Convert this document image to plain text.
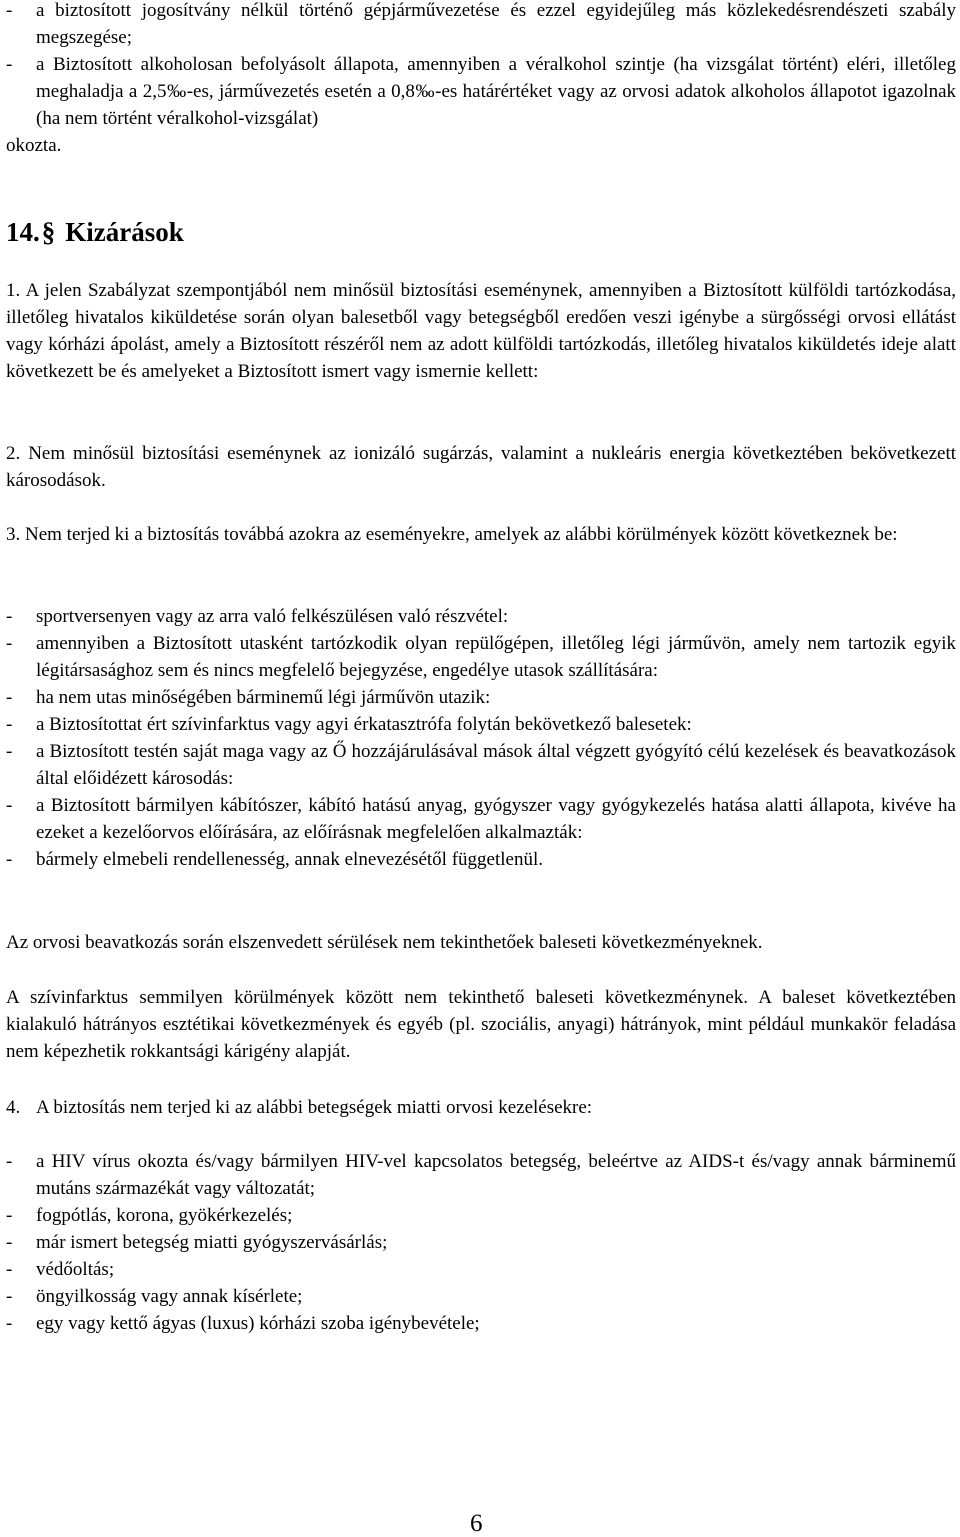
- a biztosított jogosítvány nélkül történő gépjárművezetése és ezzel egyidejűleg más közlekedésrendészeti szabály megszegése;

- a Biztosított alkoholosan befolyásolt állapota, amennyiben a véralkohol szintje (ha vizsgálat történt) eléri, illetőleg meghaladja a 2,5‰-es, járművezetés esetén a 0,8‰-es határértéket vagy az orvosi adatok alkoholos állapotot igazolnak (ha nem történt véralkohol-vizsgálat)

okozta.

14.§ Kizárások

1. A jelen Szabályzat szempontjából nem minősül biztosítási eseménynek, amennyiben a Biztosított külföldi tartózkodása, illetőleg hivatalos kiküldetése során olyan balesetből vagy betegségből eredően veszi igénybe a sürgősségi orvosi ellátást vagy kórházi ápolást, amely a Biztosított részéről nem az adott külföldi tartózkodás, illetőleg hivatalos kiküldetés ideje alatt következett be és amelyeket a Biztosított ismert vagy ismernie kellett:

2. Nem minősül biztosítási eseménynek az ionizáló sugárzás, valamint a nukleáris energia következtében bekövetkezett károsodások.

3. Nem terjed ki a biztosítás továbbá azokra az eseményekre, amelyek az alábbi körülmények között következnek be:

- sportversenyen vagy az arra való felkészülésen való részvétel:

- amennyiben a Biztosított utasként tartózkodik olyan repülőgépen, illetőleg légi járművön, amely nem tartozik egyik légitársasághoz sem és nincs megfelelő bejegyzése, engedélye utasok szállítására:

- ha nem utas minőségében bárminemű légi járművön utazik:

- a Biztosítottat ért szívinfarktus vagy agyi érkatasztrófa folytán bekövetkező balesetek:

- a Biztosított testén saját maga vagy az Ő hozzájárulásával mások által végzett gyógyító célú kezelések és beavatkozások által előidézett károsodás:

- a Biztosított bármilyen kábítószer, kábító hatású anyag, gyógyszer vagy gyógykezelés hatása alatti állapota, kivéve ha ezeket a kezelőorvos előírására, az előírásnak megfelelően alkalmazták:

- bármely elmebeli rendellenesség, annak elnevezésétől függetlenül.

Az orvosi beavatkozás során elszenvedett sérülések nem tekinthetőek baleseti következményeknek.

A szívinfarktus semmilyen körülmények között nem tekinthető baleseti következménynek. A baleset következtében kialakuló hátrányos esztétikai következmények és egyéb (pl. szociális, anyagi) hátrányok, mint például munkakör feladása nem képezhetik rokkantsági kárigény alapját.

4. A biztosítás nem terjed ki az alábbi betegségek miatti orvosi kezelésekre:

- a HIV vírus okozta és/vagy bármilyen HIV-vel kapcsolatos betegség, beleértve az AIDS-t és/vagy annak bárminemű mutáns származékát vagy változatát;

- fogpótlás, korona, gyökérkezelés;

- már ismert betegség miatti gyógyszervásárlás;

- védőoltás;

- öngyilkosság vagy annak kísérlete;

- egy vagy kettő ágyas (luxus) kórházi szoba igénybevétele;

6
